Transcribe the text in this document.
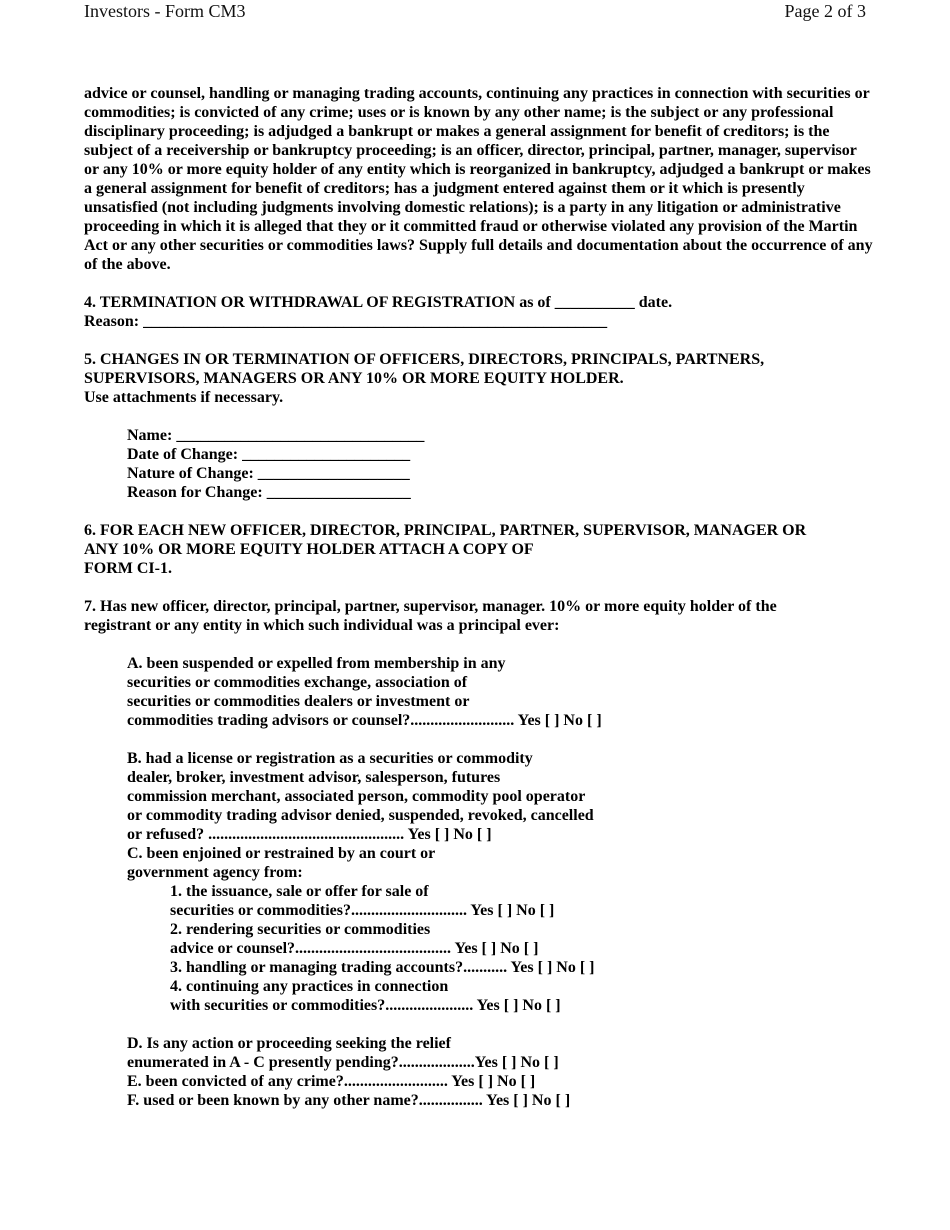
Investors - Form CM3	Page 2 of 3

advice or counsel, handling or managing trading accounts, continuing any practices in connection with securities or commodities; is convicted of any crime; uses or is known by any other name; is the subject or any professional disciplinary proceeding; is adjudged a bankrupt or makes a general assignment for benefit of creditors; is the subject of a receivership or bankruptcy proceeding; is an officer, director, principal, partner, manager, supervisor or any 10% or more equity holder of any entity which is reorganized in bankruptcy, adjudged a bankrupt or makes a general assignment for benefit of creditors; has a judgment entered against them or it which is presently unsatisfied (not including judgments involving domestic relations); is a party in any litigation or administrative proceeding in which it is alleged that they or it committed fraud or otherwise violated any provision of the Martin Act or any other securities or commodities laws? Supply full details and documentation about the occurrence of any of the above.

4. TERMINATION OR WITHDRAWAL OF REGISTRATION as of __________ date.

Reason: __________________________________________________________

5. CHANGES IN OR TERMINATION OF OFFICERS, DIRECTORS, PRINCIPALS, PARTNERS,

SUPERVISORS, MANAGERS OR ANY 10% OR MORE EQUITY HOLDER.

Use attachments if necessary.

Name: _______________________________

Date of Change: _____________________

Nature of Change: ___________________

Reason for Change: __________________

6. FOR EACH NEW OFFICER, DIRECTOR, PRINCIPAL, PARTNER, SUPERVISOR, MANAGER OR

ANY 10% OR MORE EQUITY HOLDER ATTACH A COPY OF

FORM CI-1.

7. Has new officer, director, principal, partner, supervisor, manager. 10% or more equity holder of the

registrant or any entity in which such individual was a principal ever:

A. been suspended or expelled from membership in any

securities or commodities exchange, association of

securities or commodities dealers or investment or

commodities trading advisors or counsel?.......................... Yes [ ] No [ ]

B. had a license or registration as a securities or commodity

dealer, broker, investment advisor, salesperson, futures

commission merchant, associated person, commodity pool operator

or commodity trading advisor denied, suspended, revoked, cancelled

or refused? ................................................. Yes [ ] No [ ]

C. been enjoined or restrained by an court or

government agency from:

1. the issuance, sale or offer for sale of

securities or commodities?............................. Yes [ ] No [ ]

2. rendering securities or commodities

advice or counsel?....................................... Yes [ ] No [ ]

3. handling or managing trading accounts?........... Yes [ ] No [ ]

4. continuing any practices in connection

with securities or commodities?...................... Yes [ ] No [ ]

D. Is any action or proceeding seeking the relief

enumerated in A - C presently pending?...................Yes [ ] No [ ]

E. been convicted of any crime?.......................... Yes [ ] No [ ]

F. used or been known by any other name?................ Yes [ ] No [ ]
